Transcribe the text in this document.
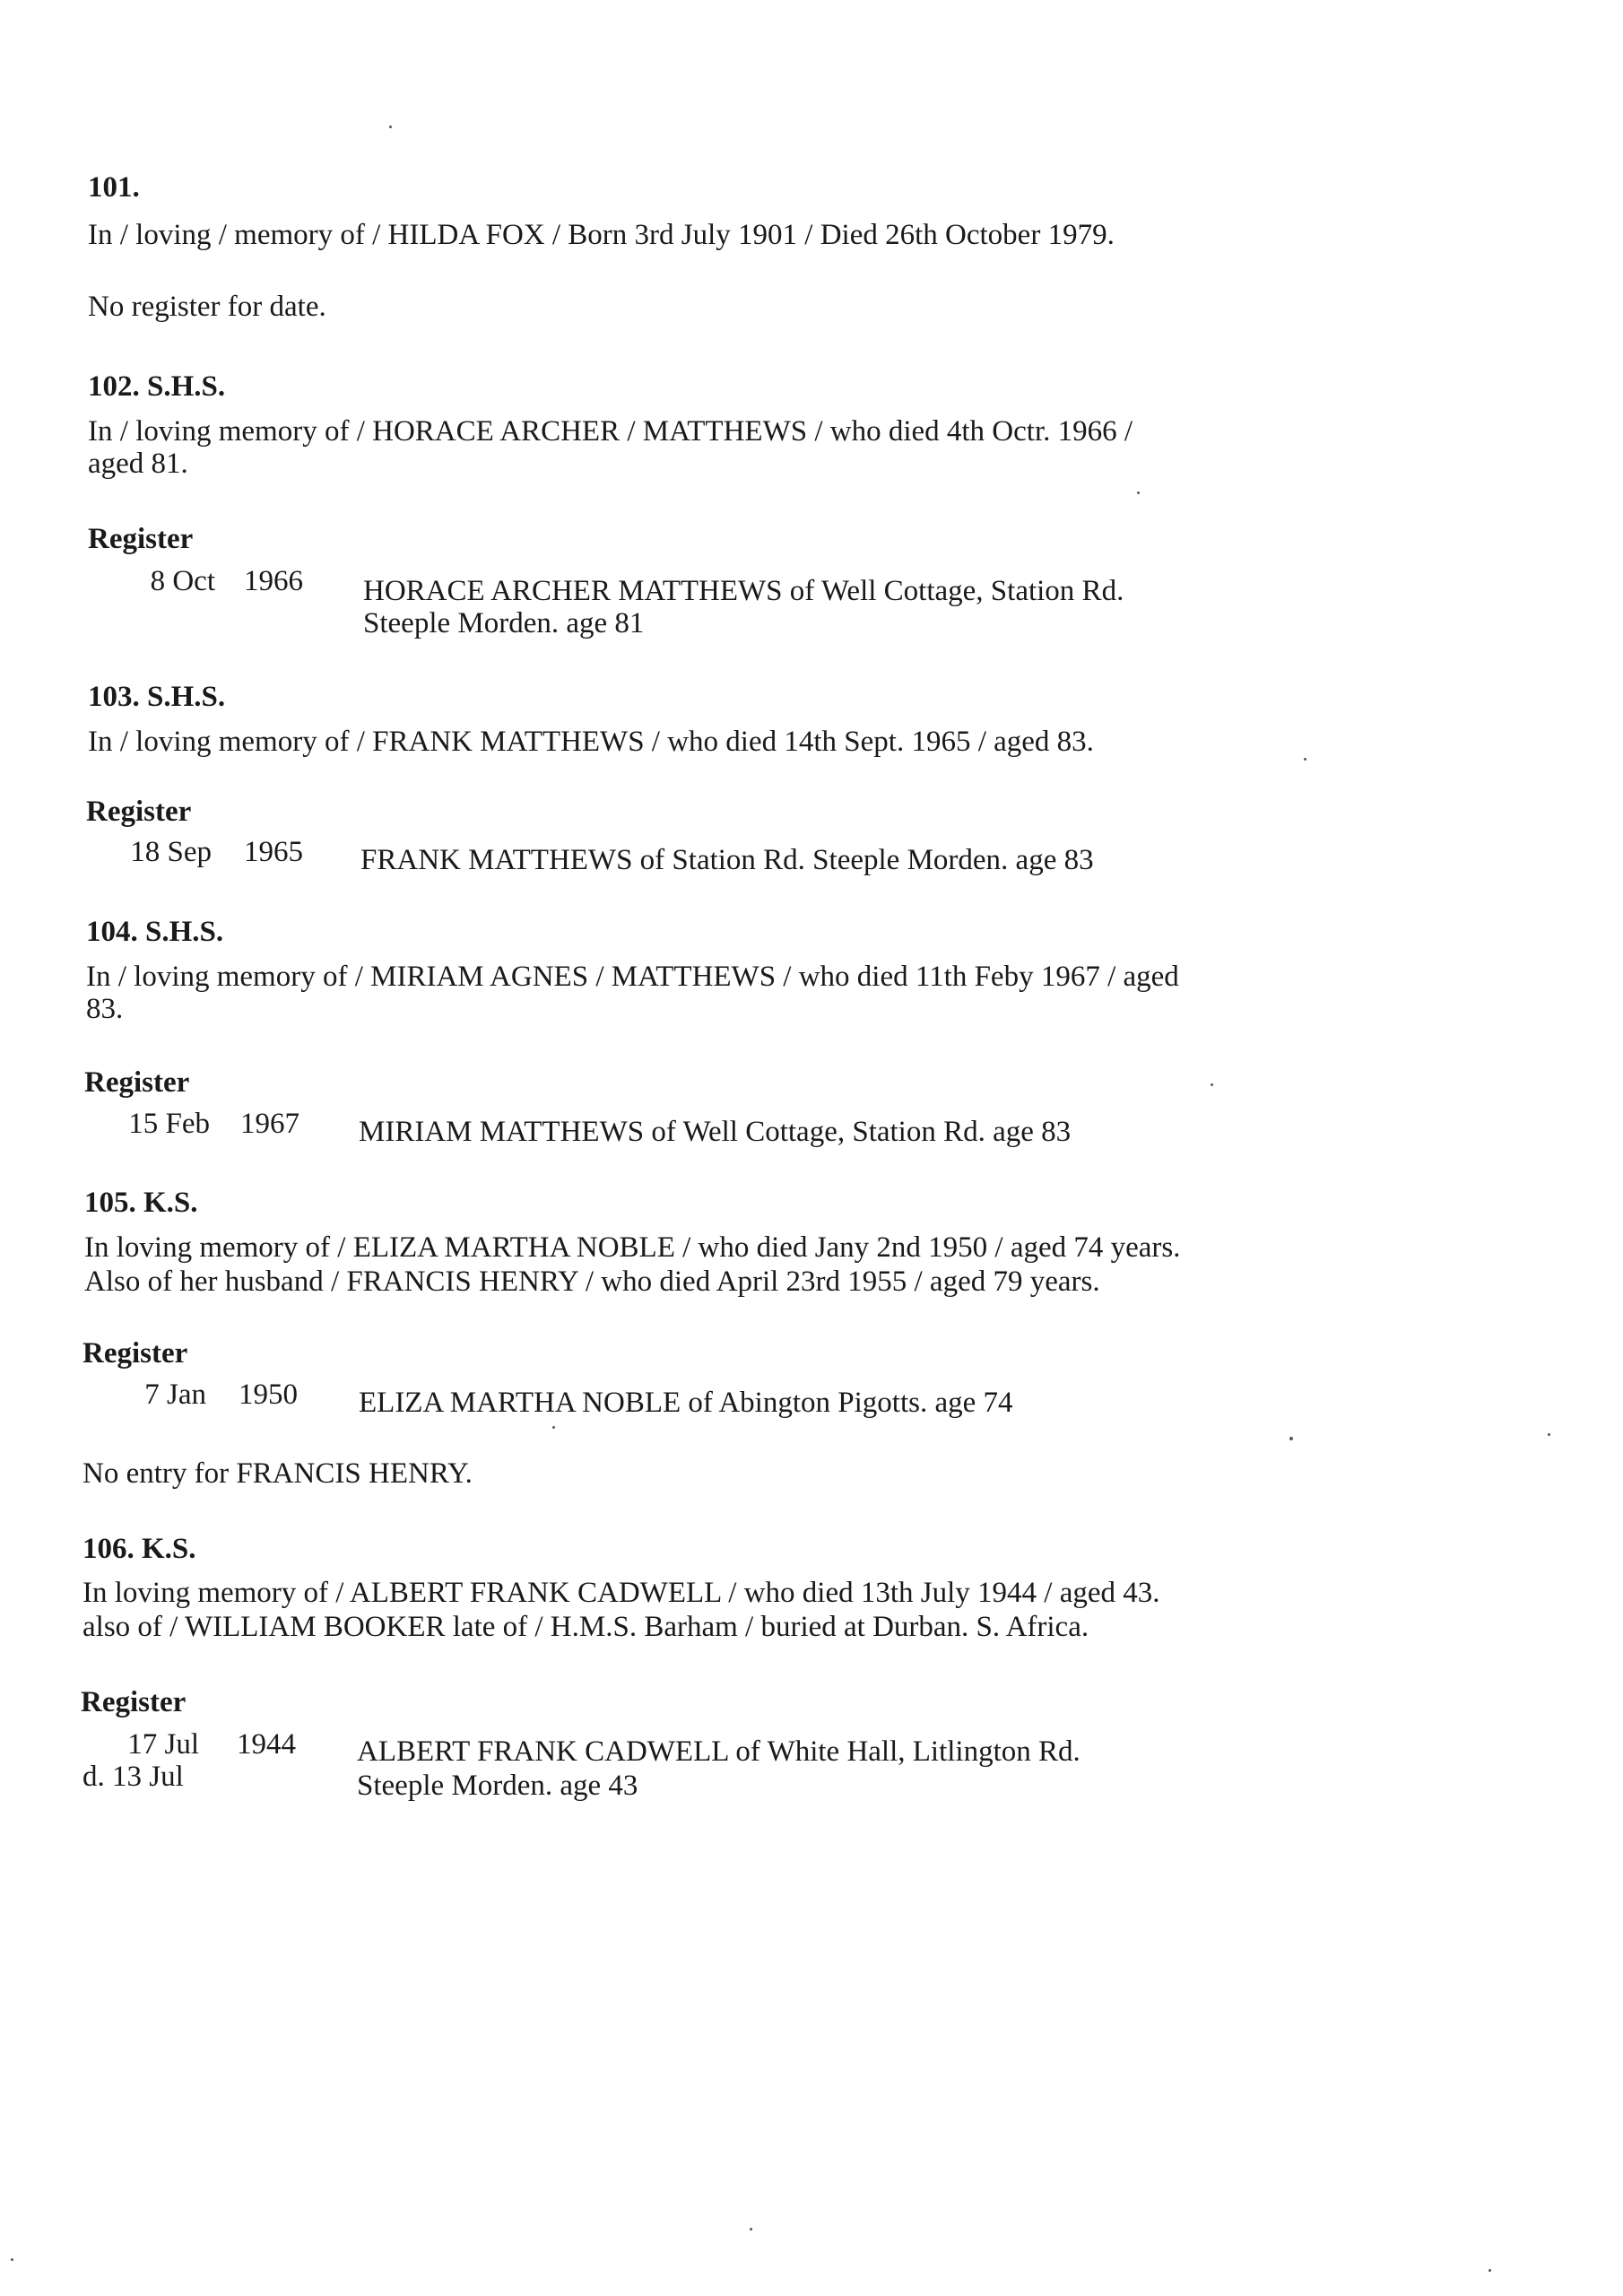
101.
In / loving / memory of / HILDA FOX / Born 3rd July 1901 / Died 26th October 1979.
No register for date.
102. S.H.S.
In / loving memory of / HORACE ARCHER / MATTHEWS / who died 4th Octr. 1966 /
aged 81.
Register
8 Oct 1966 HORACE ARCHER MATTHEWS of Well Cottage, Station Rd.
Steeple Morden. age 81
103. S.H.S.
In / loving memory of / FRANK MATTHEWS / who died 14th Sept. 1965 / aged 83.
Register
18 Sep 1965 FRANK MATTHEWS of Station Rd. Steeple Morden. age 83
104. S.H.S.
In / loving memory of / MIRIAM AGNES / MATTHEWS / who died 11th Feby 1967 / aged
83.
Register
15 Feb 1967 MIRIAM MATTHEWS of Well Cottage, Station Rd. age 83
105. K.S.
In loving memory of / ELIZA MARTHA NOBLE / who died Jany 2nd 1950 / aged 74 years.
Also of her husband / FRANCIS HENRY / who died April 23rd 1955 / aged 79 years.
Register
7 Jan 1950 ELIZA MARTHA NOBLE of Abington Pigotts. age 74
No entry for FRANCIS HENRY.
106. K.S.
In loving memory of / ALBERT FRANK CADWELL / who died 13th July 1944 / aged 43.
also of / WILLIAM BOOKER late of / H.M.S. Barham / buried at Durban. S. Africa.
Register
17 Jul 1944 ALBERT FRANK CADWELL of White Hall, Litlington Rd.
d. 13 Jul	Steeple Morden. age 43
